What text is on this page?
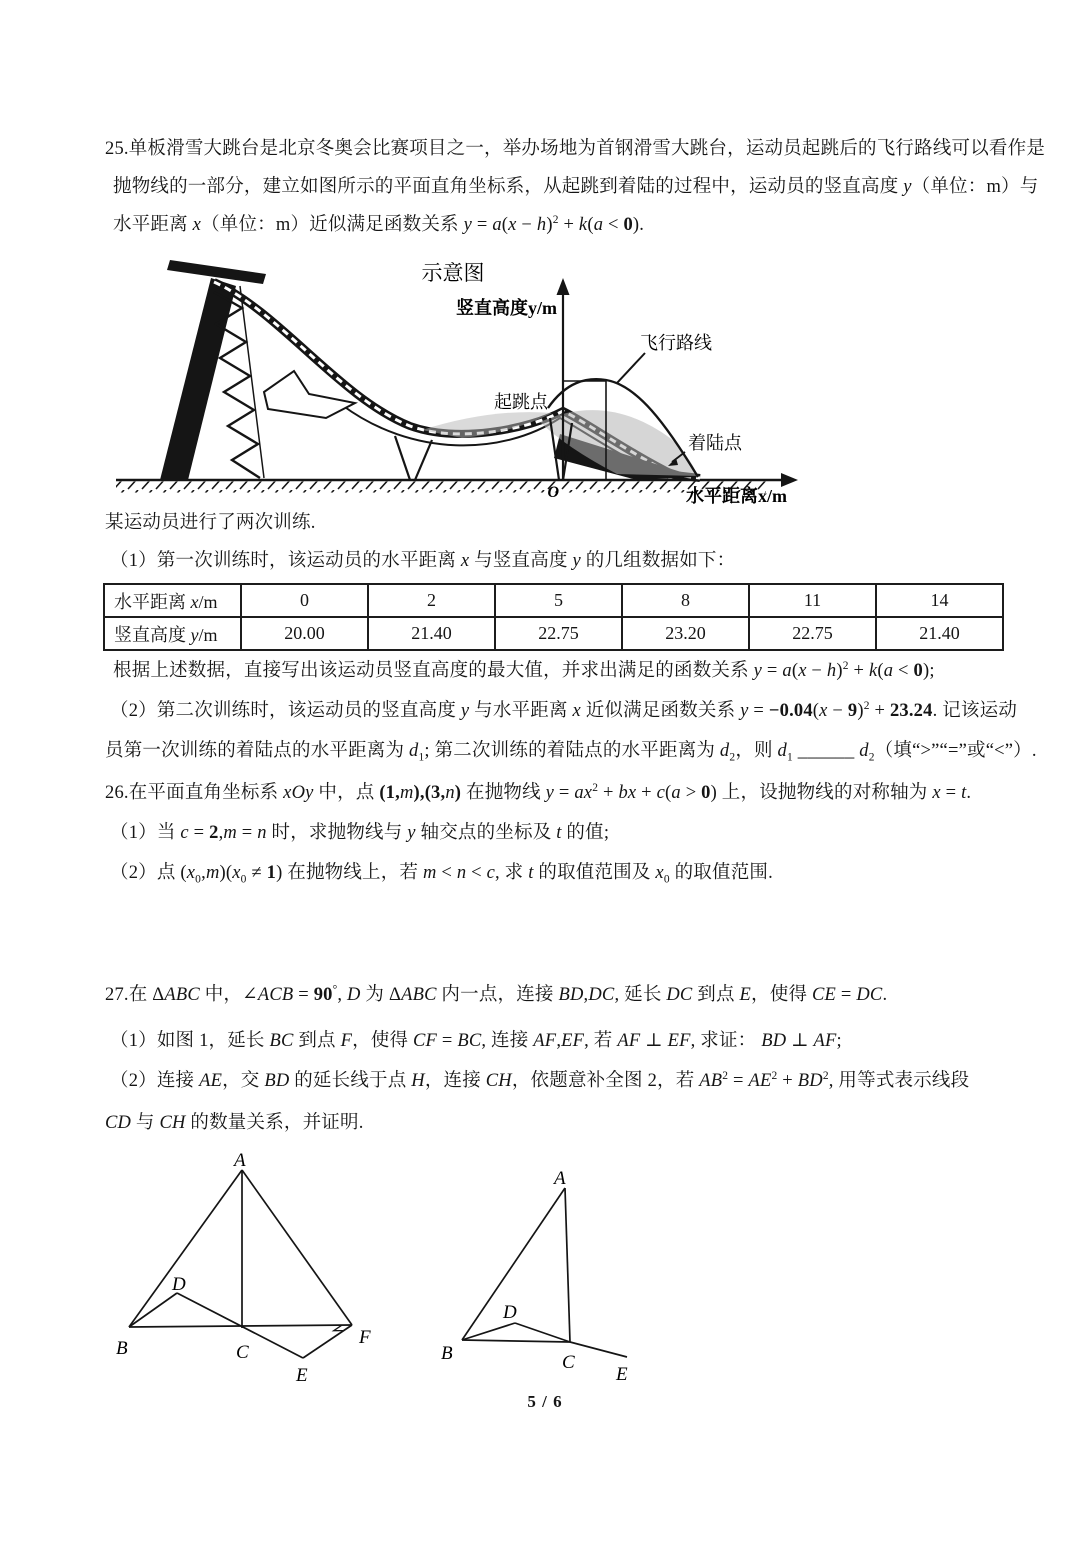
25.单板滑雪大跳台是北京冬奥会比赛项目之一，举办场地为首钢滑雪大跳台，运动员起跳后的飞行路线可以看作是
抛物线的一部分，建立如图所示的平面直角坐标系，从起跳到着陆的过程中，运动员的竖直高度 y（单位：m）与
水平距离 x（单位：m）近似满足函数关系 $y = a(x - h)^2 + k(a < 0)$.
示意图
竖直高度y/m
飞行路线
起跳点
着陆点
O	水平距离x/m
某运动员进行了两次训练.
（1）第一次训练时，该运动员的水平距离 x 与竖直高度 y 的几组数据如下：
水平距离 x/m	0	2	5	8	11	14
竖直高度 y/m	20.00	21.40	22.75	23.20	22.75	21.40
根据上述数据，直接写出该运动员竖直高度的最大值，并求出满足的函数关系 $y = a(x - h)^2 + k(a < 0)$;
（2）第二次训练时，该运动员的竖直高度 y 与水平距离 x 近似满足函数关系 $y = -0.04(x - 9)^2 + 23.24$. 记该运动
员第一次训练的着陆点的水平距离为 $d_1$; 第二次训练的着陆点的水平距离为 $d_2$，则 $d_1$ ______ $d_2$（填“>”“=”或“<”）.
26.在平面直角坐标系 xOy 中，点 (1,m),(3,n) 在抛物线 $y = ax^2$ + bx + c(a > 0) 上，设抛物线的对称轴为 x = t.
（1）当 c = 2,m = n 时，求抛物线与 y 轴交点的坐标及 t 的值;
（2）点 $(x_0,m)(x_0 \ne 1)$ 在抛物线上，若 m < n < c, 求 t 的取值范围及 $x_0$ 的取值范围.
27.在 ΔABC 中，∠ACB = 90°, D 为 ΔABC 内一点，连接 BD,DC, 延长 DC 到点 E，使得 CE = DC.
（1）如图 1，延长 BC 到点 F，使得 CF = BC, 连接 AF,EF, 若 AF ⊥ EF, 求证： BD ⊥ AF;
（2）连接 AE，交 BD 的延长线于点 H，连接 CH，依题意补全图 2，若 $AB^2 = AE^2 + BD^2$, 用等式表示线段
CD 与 CH 的数量关系，并证明.
A
B	C
D
E
F
A
B	C
D
E
5 / 6
